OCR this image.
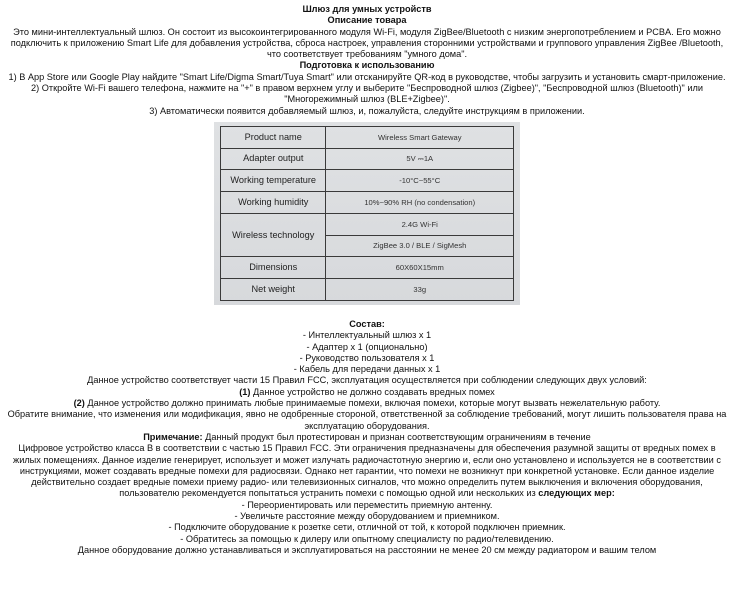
Шлюз для умных устройств

Описание товара

Это мини-интеллектуальный шлюз. Он состоит из высокоинтегрированного модуля Wi-Fi, модуля ZigBee/Bluetooth с низким энергопотреблением и PCBA. Его можно подключить к приложению Smart Life для добавления устройства, сброса настроек, управления сторонними устройствами и группового управления ZigBee /Bluetooth, что соответствует требованиям "умного дома".

Подготовка к использованию

1) В App Store или Google Play найдите "Smart Life/Digma Smart/Tuya Smart" или отсканируйте QR-код в руководстве, чтобы загрузить и установить смарт-приложение.

2) Откройте Wi-Fi вашего телефона, нажмите на "+" в правом верхнем углу и выберите "Беспроводной шлюз (Zigbee)", "Беспроводной шлюз (Bluetooth)" или "Многорежимный шлюз (BLE+Zigbee)".

3) Автоматически появится добавляемый шлюз, и, пожалуйста, следуйте инструкциям в приложении.

Product name	Wireless Smart Gateway
Adapter output	5V ⎓1A
Working temperature	-10°C~55°C
Working humidity	10%~90% RH (no condensation)
Wireless technology	2.4G Wi-Fi
	ZigBee 3.0 / BLE / SigMesh
Dimensions	60X60X15mm
Net weight	33g

Состав:

- Интеллектуальный шлюз х 1

- Адаптер х 1 (опционально)

- Руководство пользователя х 1

- Кабель для передачи данных х 1

Данное устройство соответствует части 15 Правил FCC, эксплуатация осуществляется при соблюдении следующих двух условий:

(1) Данное устройство не должно создавать вредных помех

(2) Данное устройство должно принимать любые принимаемые помехи, включая помехи, которые могут вызвать нежелательную работу.

Обратите внимание, что изменения или модификация, явно не одобренные стороной, ответственной за соблюдение требований, могут лишить пользователя права на эксплуатацию оборудования.

Примечание: Данный продукт был протестирован и признан соответствующим ограничениям в течение

Цифровое устройство класса B в соответствии с частью 15 Правил FCC. Эти ограничения предназначены для обеспечения разумной защиты от вредных помех в жилых помещениях. Данное изделие генерирует, использует и может излучать радиочастотную энергию и, если оно установлено и используется не в соответствии с инструкциями, может создавать вредные помехи для радиосвязи. Однако нет гарантии, что помехи не возникнут при конкретной установке. Если данное изделие действительно создает вредные помехи приему радио- или телевизионных сигналов, что можно определить путем выключения и включения оборудования, пользователю рекомендуется попытаться устранить помехи с помощью одной или нескольких из следующих мер:

- Переориентировать или переместить приемную антенну.

- Увеличьте расстояние между оборудованием и приемником.

- Подключите оборудование к розетке сети, отличной от той, к которой подключен приемник.

- Обратитесь за помощью к дилеру или опытному специалисту по радио/телевидению.

Данное оборудование должно устанавливаться и эксплуатироваться на расстоянии не менее 20 см между радиатором и вашим телом
